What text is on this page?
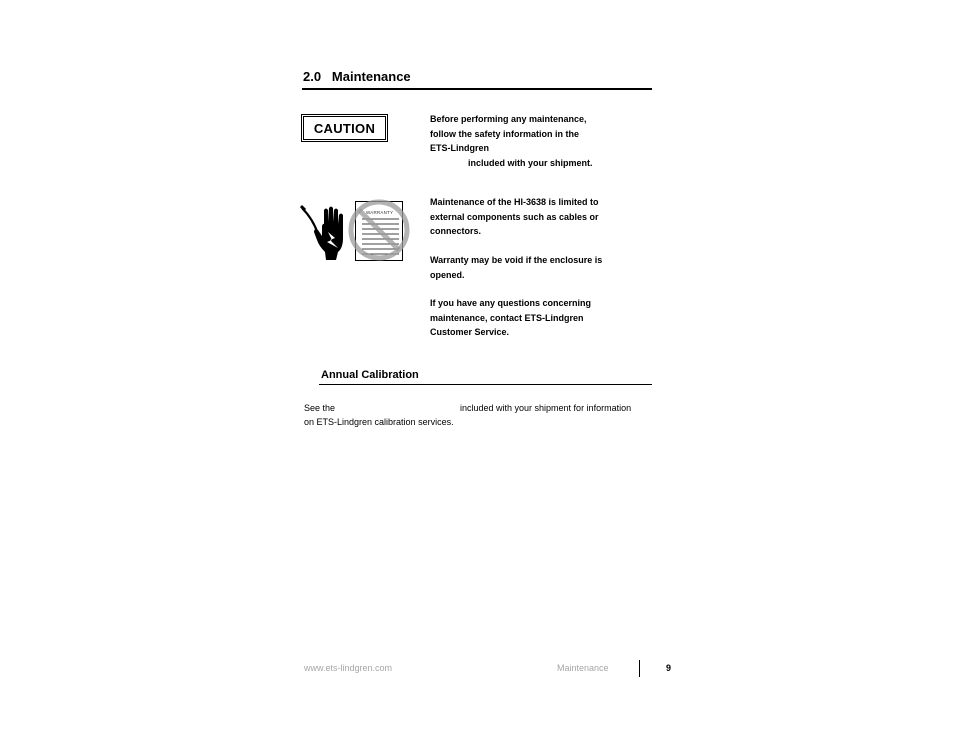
2.0 Maintenance
CAUTION
Before performing any maintenance,
follow the safety information in the
ETS-Lindgren
included with your shipment.
WARRANTY
Maintenance of the HI-3638 is limited to
external components such as cables or
connectors.
Warranty may be void if the enclosure is
opened.
If you have any questions concerning
maintenance, contact ETS-Lindgren
Customer Service.
Annual Calibration
See the	included with your shipment for information
on ETS-Lindgren calibration services.
www.ets-lindgren.com	Maintenance	9
